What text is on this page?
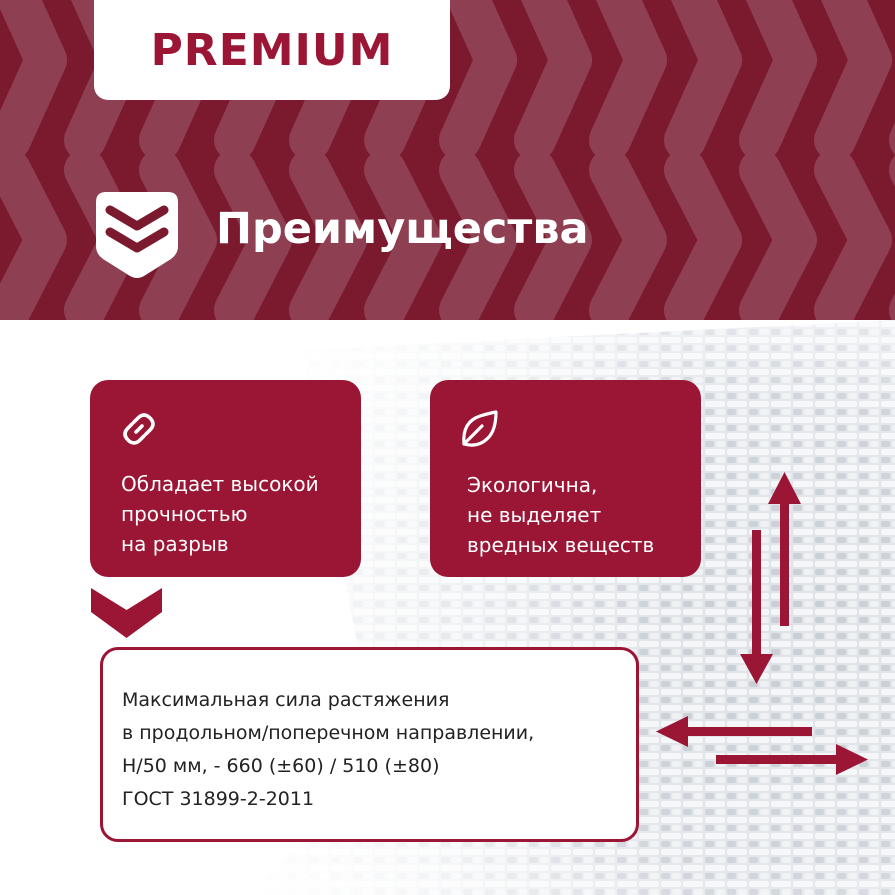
PREMIUM
Преимущества
Обладает высокой
прочностью
на разрыв
Экологична,
не выделяет
вредных веществ
Максимальная сила растяжения
в продольном/поперечном направлении,
Н/50 мм, - 660 (±60) / 510 (±80)
ГОСТ 31899-2-2011
